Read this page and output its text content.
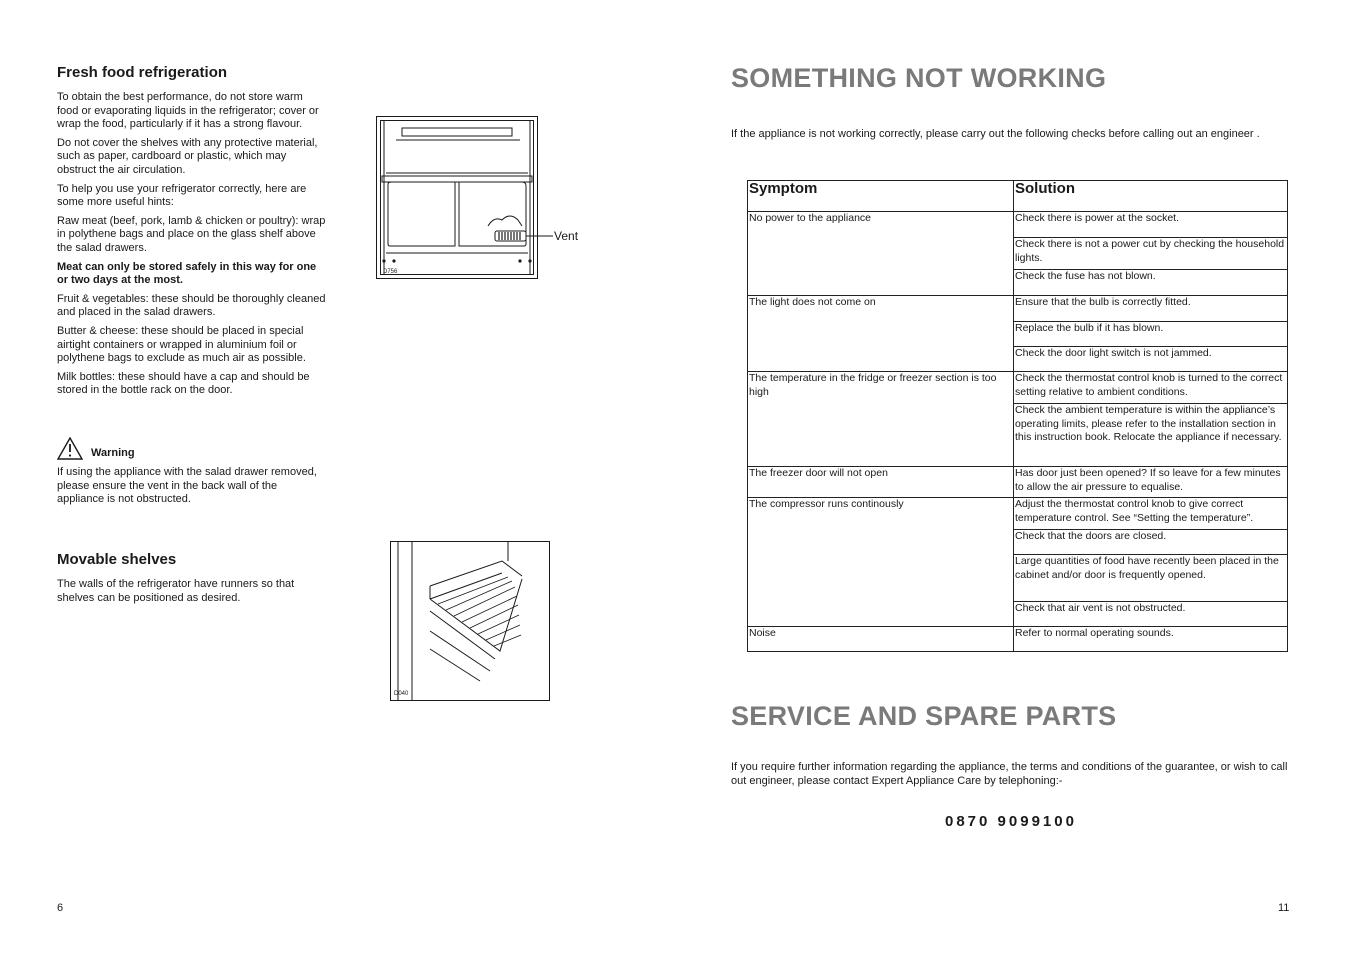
Fresh food refrigeration

To obtain the best performance, do not store warm food or evaporating liquids in the refrigerator; cover or wrap the food, particularly if it has a strong flavour.

Do not cover the shelves with any protective material, such as paper, cardboard or plastic, which may obstruct the air circulation.

To help you use your refrigerator correctly, here are some more useful hints:

Raw meat (beef, pork, lamb & chicken or poultry): wrap in polythene bags and place on the glass shelf above the salad drawers.

Meat can only be stored safely in this way for one or two days at the most.

Fruit & vegetables: these should be thoroughly cleaned and placed in the salad drawers.

Butter & cheese: these should be placed in special airtight containers or wrapped in aluminium foil or polythene bags to exclude as much air as possible.

Milk bottles: these should have a cap and should be stored in the bottle rack on the door.

Warning

If using the appliance with the salad drawer removed, please ensure the vent in the back wall of the appliance is not obstructed.

Movable shelves

The walls of the refrigerator have runners so that shelves can be positioned as desired.

6
D756
Vent
D040
SOMETHING NOT WORKING

If the appliance is not working correctly, please carry out the following checks before calling out an engineer .

Symptom	Solution
No power to the appliance	Check there is power at the socket.
	Check there is not a power cut by checking the household lights.
	Check the fuse has not blown.
The light does not come on	Ensure that the bulb is correctly fitted.
	Replace the bulb if it has blown.
	Check the door light switch is not jammed.
The temperature in the fridge or freezer section is too high	Check the thermostat control knob is turned to the correct setting relative to ambient conditions.
	Check the ambient temperature is within the appliance’s operating limits, please refer to the installation section in this instruction book. Relocate the appliance if necessary.
The freezer door will not open	Has door just been opened? If so leave for a few minutes to allow the air pressure to equalise.
The compressor runs continously	Adjust the thermostat control knob to give correct temperature control. See “Setting the temperature”.
	Check that the doors are closed.
	Large quantities of food have recently been placed in the cabinet and/or door is frequently opened.
	Check that air vent is not obstructed.
Noise	Refer to normal operating sounds.
SERVICE AND SPARE PARTS

If you require further information regarding the appliance, the terms and conditions of the guarantee, or wish to call out engineer, please contact Expert Appliance Care by telephoning:-

0870 9099100
11
